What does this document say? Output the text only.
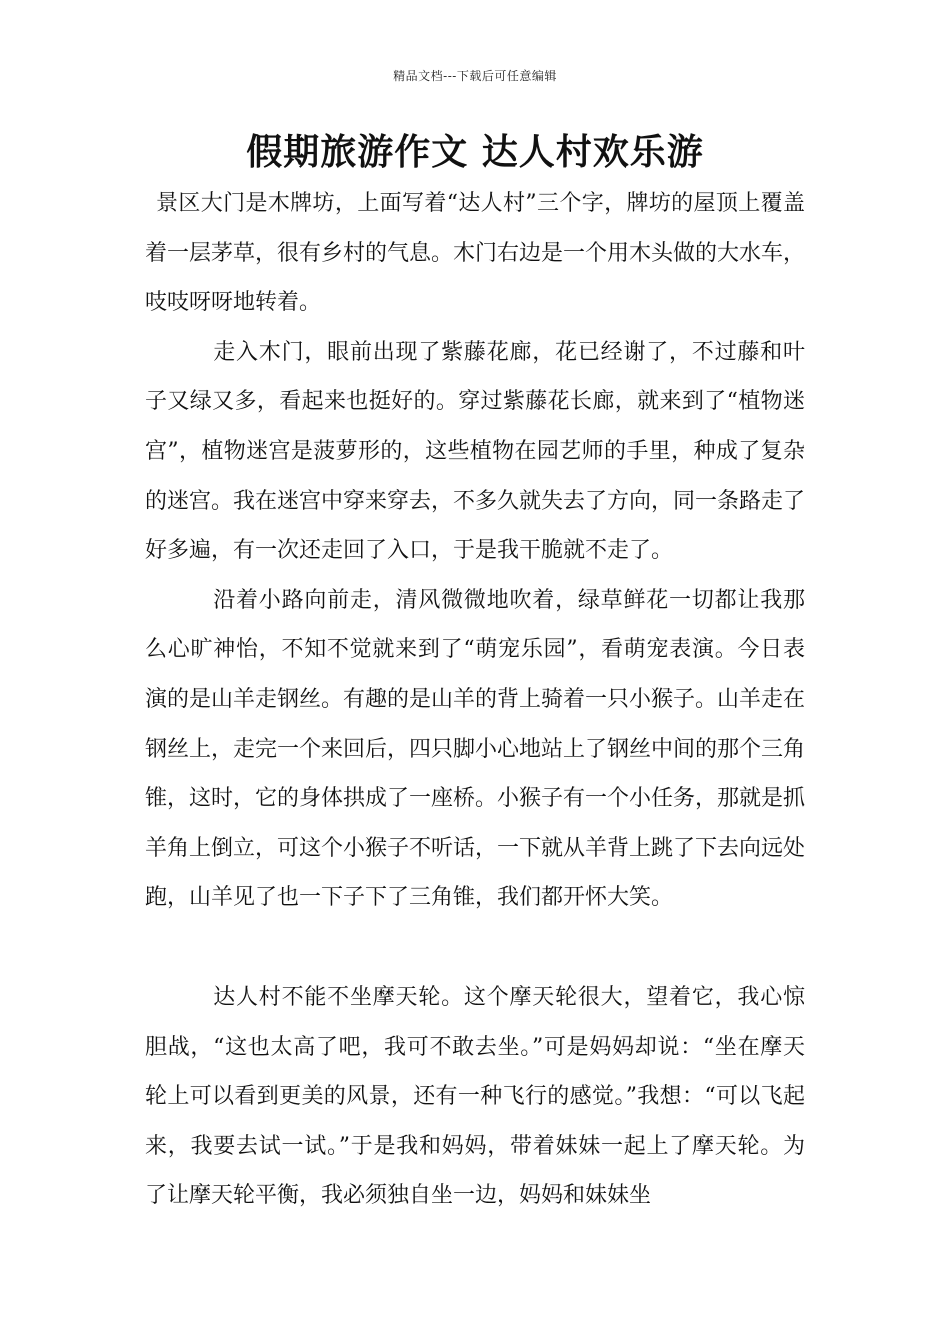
精品文档---下载后可任意编辑
假期旅游作文 达人村欢乐游

景区大门是木牌坊，上面写着“达人村”三个字，牌坊的屋顶上覆盖着一层茅草，很有乡村的气息。木门右边是一个用木头做的大水车，吱吱呀呀地转着。

走入木门，眼前出现了紫藤花廊，花已经谢了，不过藤和叶子又绿又多，看起来也挺好的。穿过紫藤花长廊，就来到了“植物迷宫”，植物迷宫是菠萝形的，这些植物在园艺师的手里，种成了复杂的迷宫。我在迷宫中穿来穿去，不多久就失去了方向，同一条路走了好多遍，有一次还走回了入口，于是我干脆就不走了。

沿着小路向前走，清风微微地吹着，绿草鲜花一切都让我那么心旷神怡，不知不觉就来到了“萌宠乐园”，看萌宠表演。今日表演的是山羊走钢丝。有趣的是山羊的背上骑着一只小猴子。山羊走在钢丝上，走完一个来回后，四只脚小心地站上了钢丝中间的那个三角锥，这时，它的身体拱成了一座桥。小猴子有一个小任务，那就是抓羊角上倒立，可这个小猴子不听话，一下就从羊背上跳了下去向远处跑，山羊见了也一下子下了三角锥，我们都开怀大笑。

达人村不能不坐摩天轮。这个摩天轮很大，望着它，我心惊胆战，“这也太高了吧，我可不敢去坐。”可是妈妈却说：“坐在摩天轮上可以看到更美的风景，还有一种飞行的感觉。”我想：“可以飞起来，我要去试一试。”于是我和妈妈，带着妹妹一起上了摩天轮。为了让摩天轮平衡，我必须独自坐一边，妈妈和妹妹坐
